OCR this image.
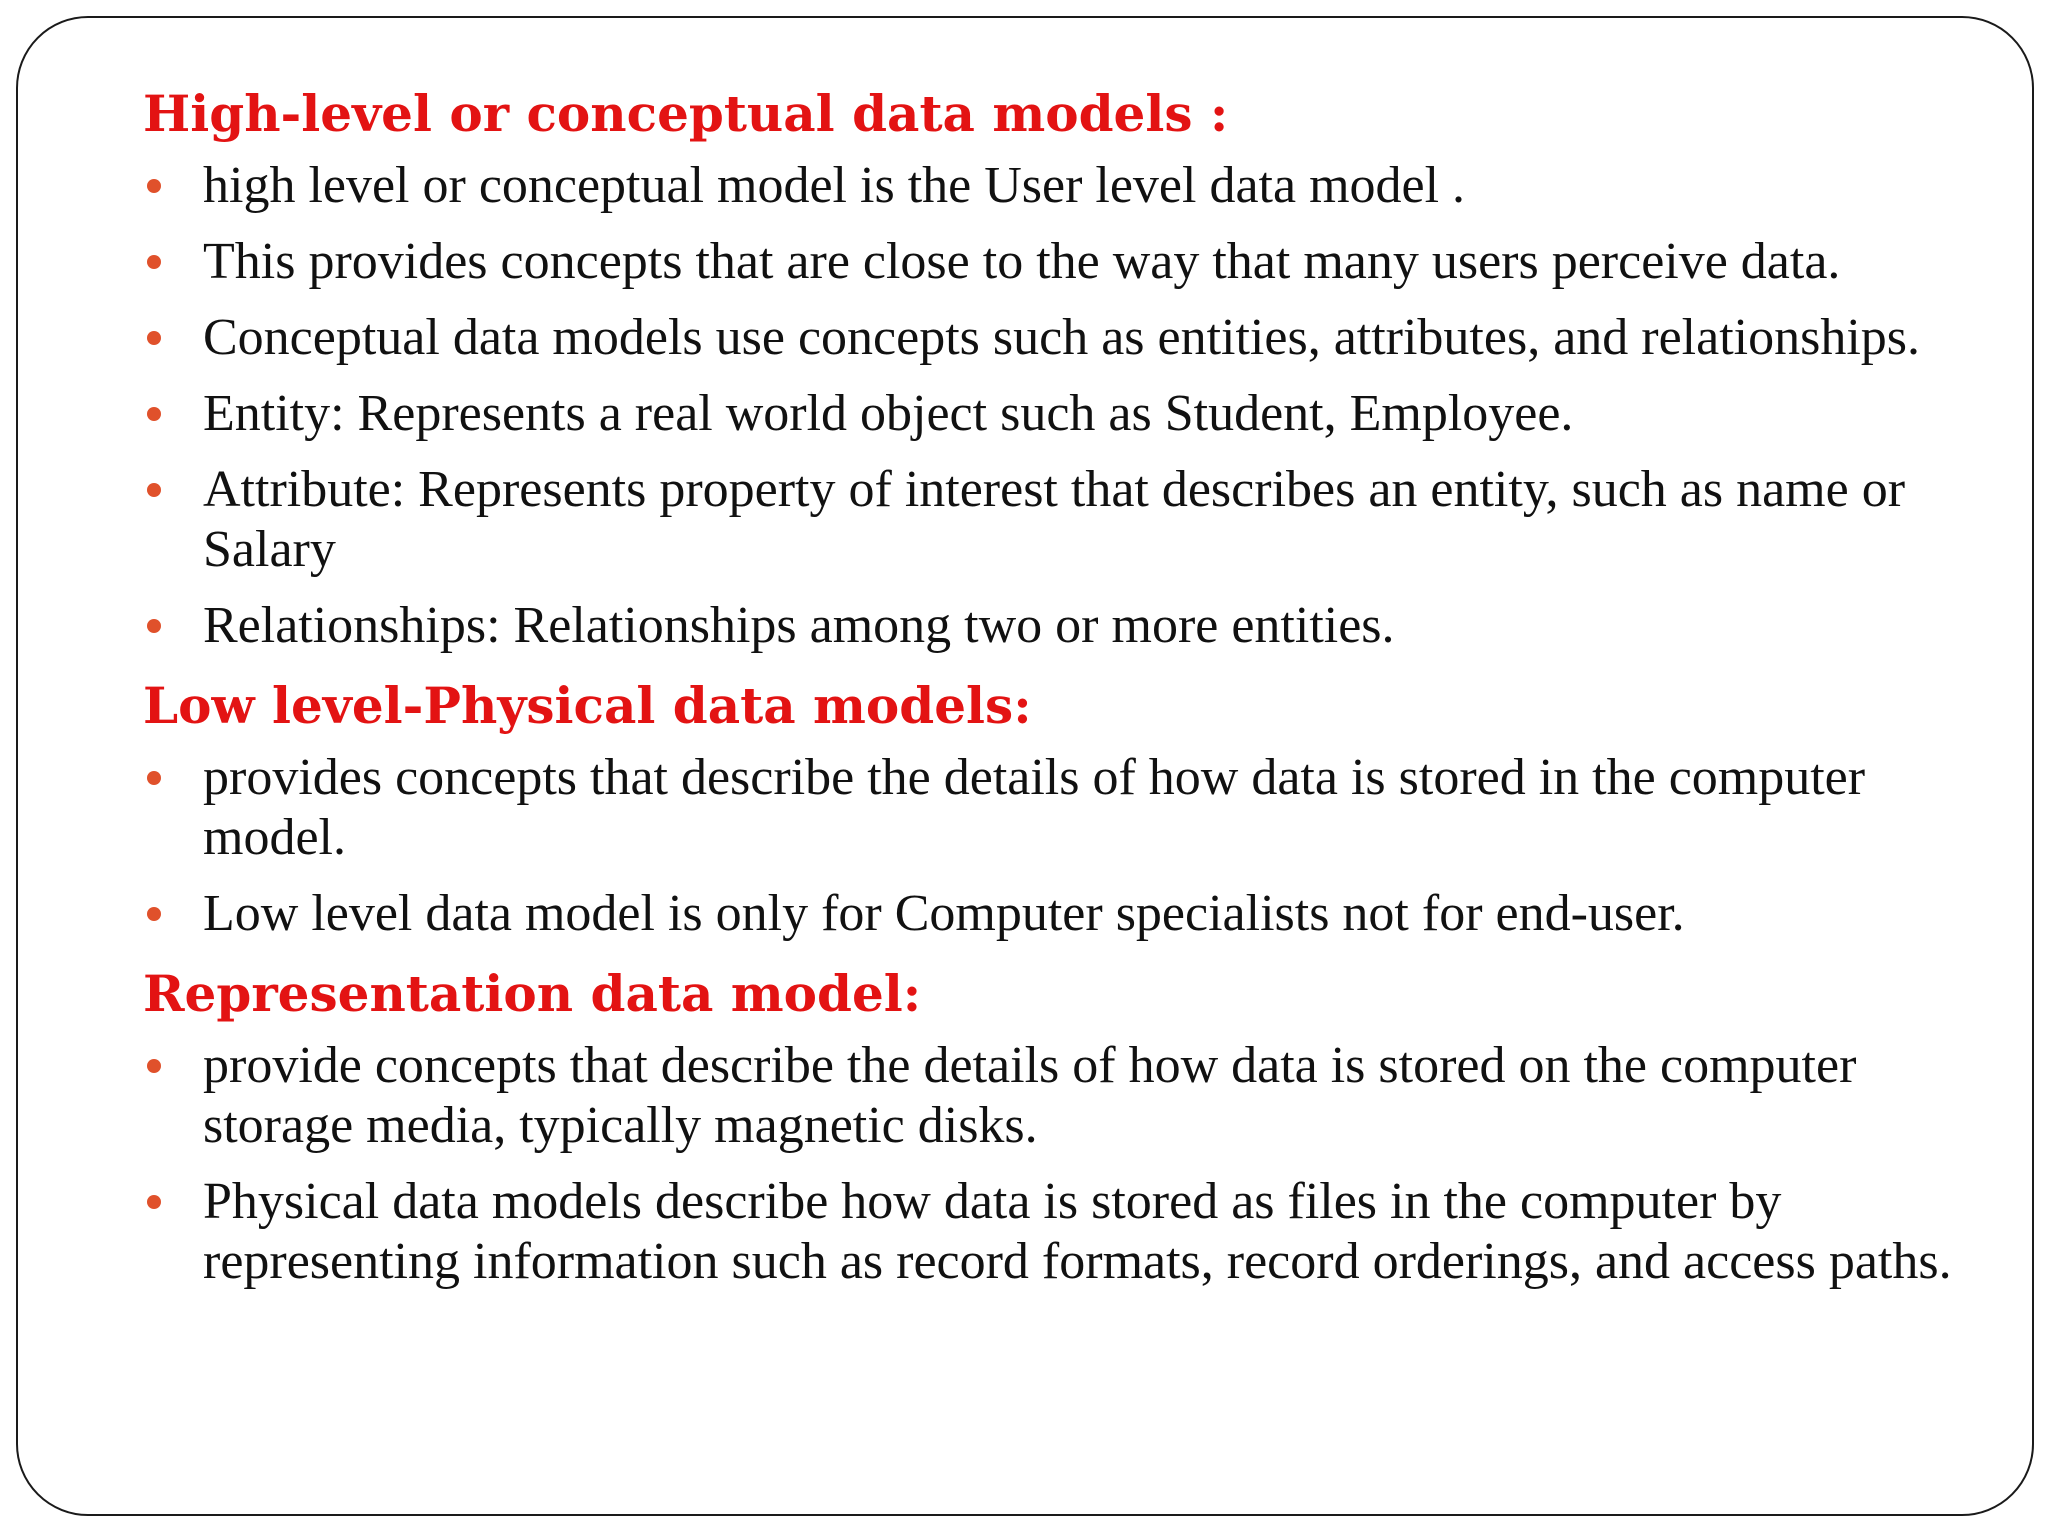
High-level or conceptual data models :
high level or conceptual model is the User level data model .
This provides concepts that are close to the way that many users perceive data.
Conceptual data models use concepts such as entities, attributes, and relationships.
Entity: Represents a real world object such as Student, Employee.
Attribute: Represents property of interest that describes an entity, such as name or Salary
Relationships: Relationships among two or more entities.
Low level-Physical data models:
provides concepts that describe the details of how data is stored in the computer model.
Low level data model is only for Computer specialists not for end-user.
Representation data model:
provide concepts that describe the details of how data is stored on the computer storage media, typically magnetic disks.
Physical data models describe how data is stored as files in the computer by representing information such as record formats, record orderings, and access paths.
